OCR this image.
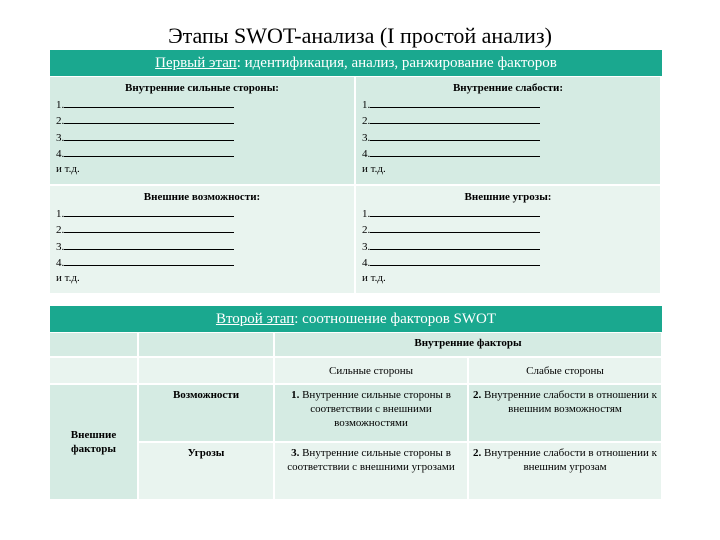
Этапы SWOT-анализа (I простой анализ)
Первый этап: идентификация, анализ, ранжирование факторов
Внутренние сильные стороны:
1.
2.
3.
4.
и т.д.
Внутренние слабости:
1.
2.
3.
4.
и т.д.
Внешние возможности:
1.
2.
3.
4.
и т.д.
Внешние угрозы:
1.
2.
3.
4.
и т.д.
Второй этап: соотношение факторов SWOT
		Внутренние факторы	
		Сильные стороны	Слабые стороны
Внешние факторы	Возможности	1. Внутренние сильные стороны в соответствии с внешними возможностями	2. Внутренние слабости в отношении к внешним возможностям
	Угрозы	3. Внутренние сильные стороны в соответствии с внешними угрозами	2. Внутренние слабости в отношении к внешним угрозам
